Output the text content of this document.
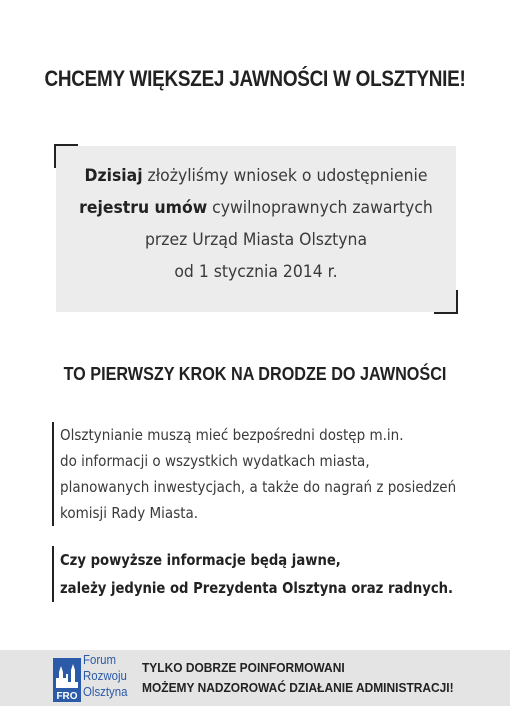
CHCEMY WIĘKSZEJ JAWNOŚCI W OLSZTYNIE!
Dzisiaj złożyliśmy wniosek o udostępnienie
rejestru umów cywilnoprawnych zawartych
przez Urząd Miasta Olsztyna
od 1 stycznia 2014 r.
TO PIERWSZY KROK NA DRODZE DO JAWNOŚCI
Olsztynianie muszą mieć bezpośredni dostęp m.in.
do informacji o wszystkich wydatkach miasta,
planowanych inwestycjach, a także do nagrań z posiedzeń
komisji Rady Miasta.
Czy powyższe informacje będą jawne,
zależy jedynie od Prezydenta Olsztyna oraz radnych.
FRO
Forum
Rozwoju
Olsztyna
TYLKO DOBRZE POINFORMOWANI
MOŻEMY NADZOROWAĆ DZIAŁANIE ADMINISTRACJI!
